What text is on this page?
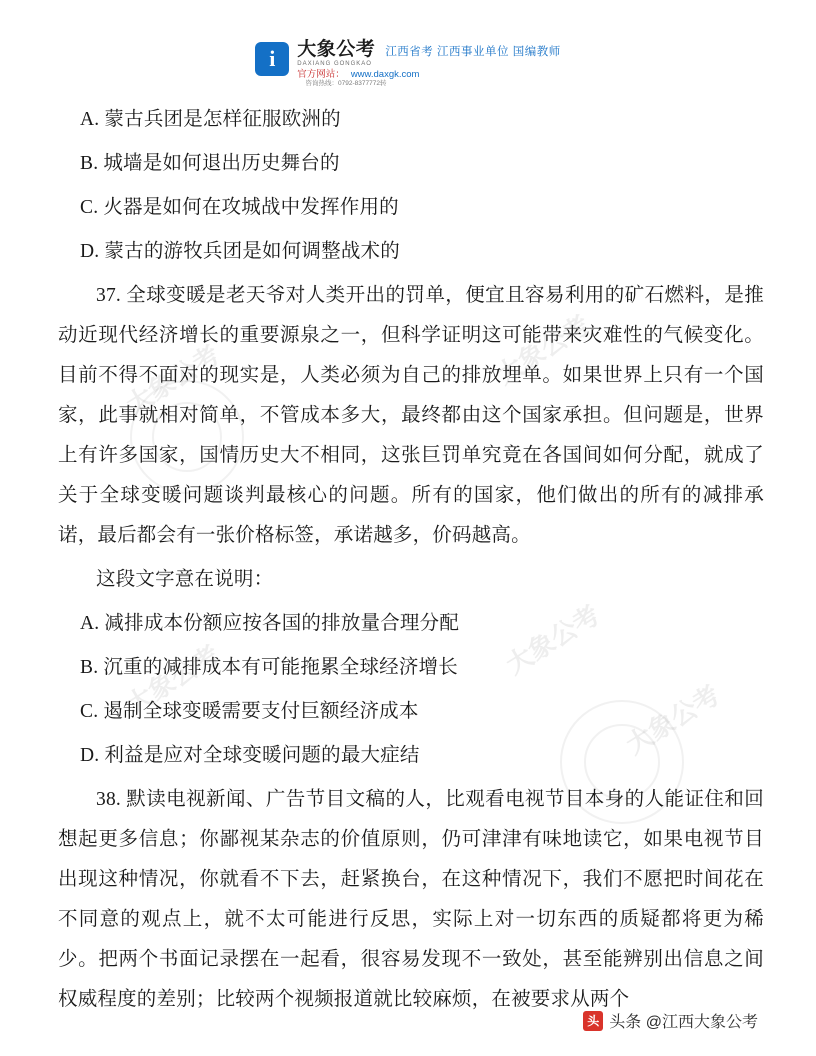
i	大象公考 江西省考 江西事业单位 国编教师
DAXIANG GONGKAO
官方网站： www.daxgk.com
咨询热线：0792-8377772转
大象公考	大象公考
大象公考	大象公考
大象公考

A. 蒙古兵团是怎样征服欧洲的

B. 城墙是如何退出历史舞台的

C. 火器是如何在攻城战中发挥作用的

D. 蒙古的游牧兵团是如何调整战术的

37. 全球变暖是老天爷对人类开出的罚单，便宜且容易利用的矿石燃料，是推动近现代经济增长的重要源泉之一，但科学证明这可能带来灾难性的气候变化。目前不得不面对的现实是，人类必须为自己的排放埋单。如果世界上只有一个国家，此事就相对简单，不管成本多大，最终都由这个国家承担。但问题是，世界上有许多国家，国情历史大不相同，这张巨罚单究竟在各国间如何分配，就成了关于全球变暖问题谈判最核心的问题。所有的国家，他们做出的所有的减排承诺，最后都会有一张价格标签，承诺越多，价码越高。

这段文字意在说明：

A. 减排成本份额应按各国的排放量合理分配

B. 沉重的减排成本有可能拖累全球经济增长

C. 遏制全球变暖需要支付巨额经济成本

D. 利益是应对全球变暖问题的最大症结

38. 默读电视新闻、广告节目文稿的人，比观看电视节目本身的人能证住和回想起更多信息；你鄙视某杂志的价值原则，仍可津津有味地读它，如果电视节目出现这种情况，你就看不下去，赶紧换台，在这种情况下，我们不愿把时间花在不同意的观点上，就不太可能进行反思，实际上对一切东西的质疑都将更为稀少。把两个书面记录摆在一起看，很容易发现不一致处，甚至能辨别出信息之间权威程度的差别；比较两个视频报道就比较麻烦，在被要求从两个

头 头条 @江西大象公考
